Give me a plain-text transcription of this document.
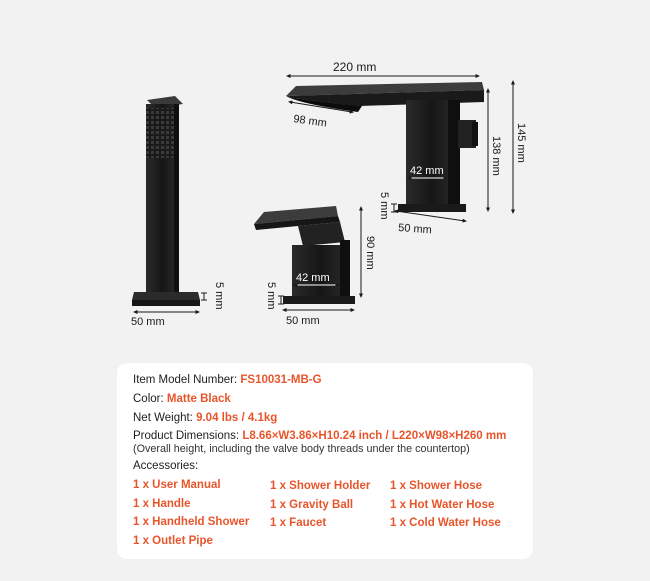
50 mm
5 mm
42 mm
50 mm
90 mm
5 mm
220 mm
98 mm
42 mm
50 mm
5 mm
138 mm 145 mm
Item Model Number: FS10031-MB-G
Color: Matte Black
Net Weight: 9.04 lbs / 4.1kg
Product Dimensions: L8.66×W3.86×H10.24 inch / L220×W98×H260 mm
(Overall height, including the valve body threads under the countertop)
Accessories:
1 x User Manual
1 x Handle
1 x Handheld Shower
1 x Outlet Pipe
1 x Shower Holder
1 x Gravity Ball
1 x Faucet
1 x Shower Hose
1 x Hot Water Hose
1 x Cold Water Hose
